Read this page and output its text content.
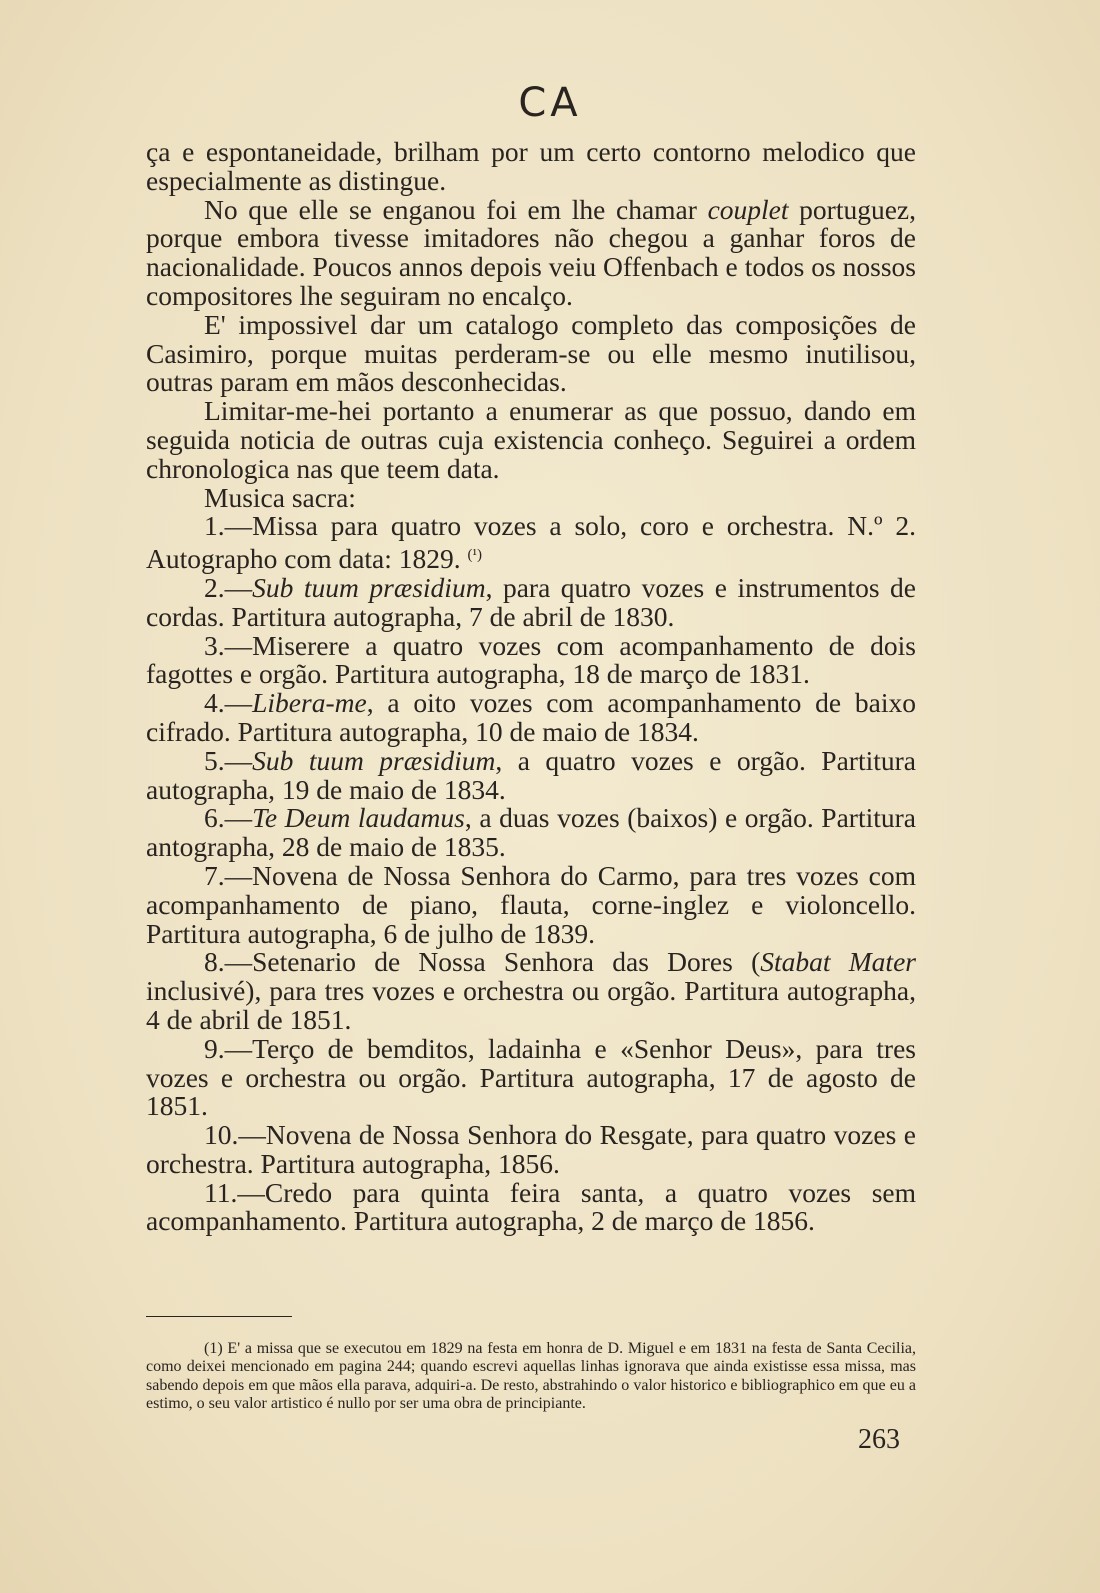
CA

ça e espontaneidade, brilham por um certo contorno melodico que especialmente as distingue.

No que elle se enganou foi em lhe chamar couplet portuguez, porque embora tivesse imitadores não chegou a ganhar foros de nacionalidade. Poucos annos depois veiu Offenbach e todos os nossos compositores lhe seguiram no encalço.

E' impossivel dar um catalogo completo das composições de Casimiro, porque muitas perderam-se ou elle mesmo inutilisou, outras param em mãos desconhecidas.

Limitar-me-hei portanto a enumerar as que possuo, dando em seguida noticia de outras cuja existencia conheço. Seguirei a ordem chronologica nas que teem data.

Musica sacra:

1.—Missa para quatro vozes a solo, coro e orchestra. N.º 2. Autographo com data: 1829. $^{(^1)}$

2.—Sub tuum præsidium, para quatro vozes e instrumentos de cordas. Partitura autographa, 7 de abril de 1830.

3.—Miserere a quatro vozes com acompanhamento de dois fagottes e orgão. Partitura autographa, 18 de março de 1831.

4.—Libera-me, a oito vozes com acompanhamento de baixo cifrado. Partitura autographa, 10 de maio de 1834.

5.—Sub tuum præsidium, a quatro vozes e orgão. Partitura autographa, 19 de maio de 1834.

6.—Te Deum laudamus, a duas vozes (baixos) e orgão. Partitura antographa, 28 de maio de 1835.

7.—Novena de Nossa Senhora do Carmo, para tres vozes com acompanhamento de piano, flauta, corne-inglez e violoncello. Partitura autographa, 6 de julho de 1839.

8.—Setenario de Nossa Senhora das Dores (Stabat Mater inclusivé), para tres vozes e orchestra ou orgão. Partitura autographa, 4 de abril de 1851.

9.—Terço de bemditos, ladainha e «Senhor Deus», para tres vozes e orchestra ou orgão. Partitura autographa, 17 de agosto de 1851.

10.—Novena de Nossa Senhora do Resgate, para quatro vozes e orchestra. Partitura autographa, 1856.

11.—Credo para quinta feira santa, a quatro vozes sem acompanhamento. Partitura autographa, 2 de março de 1856.

(1) E' a missa que se executou em 1829 na festa em honra de D. Miguel e em 1831 na festa de Santa Cecilia, como deixei mencionado em pagina 244; quando escrevi aquellas linhas ignorava que ainda existisse essa missa, mas sabendo depois em que mãos ella parava, adquiri-a. De resto, abstrahindo o valor historico e bibliographico em que eu a estimo, o seu valor artistico é nullo por ser uma obra de principiante.

263
